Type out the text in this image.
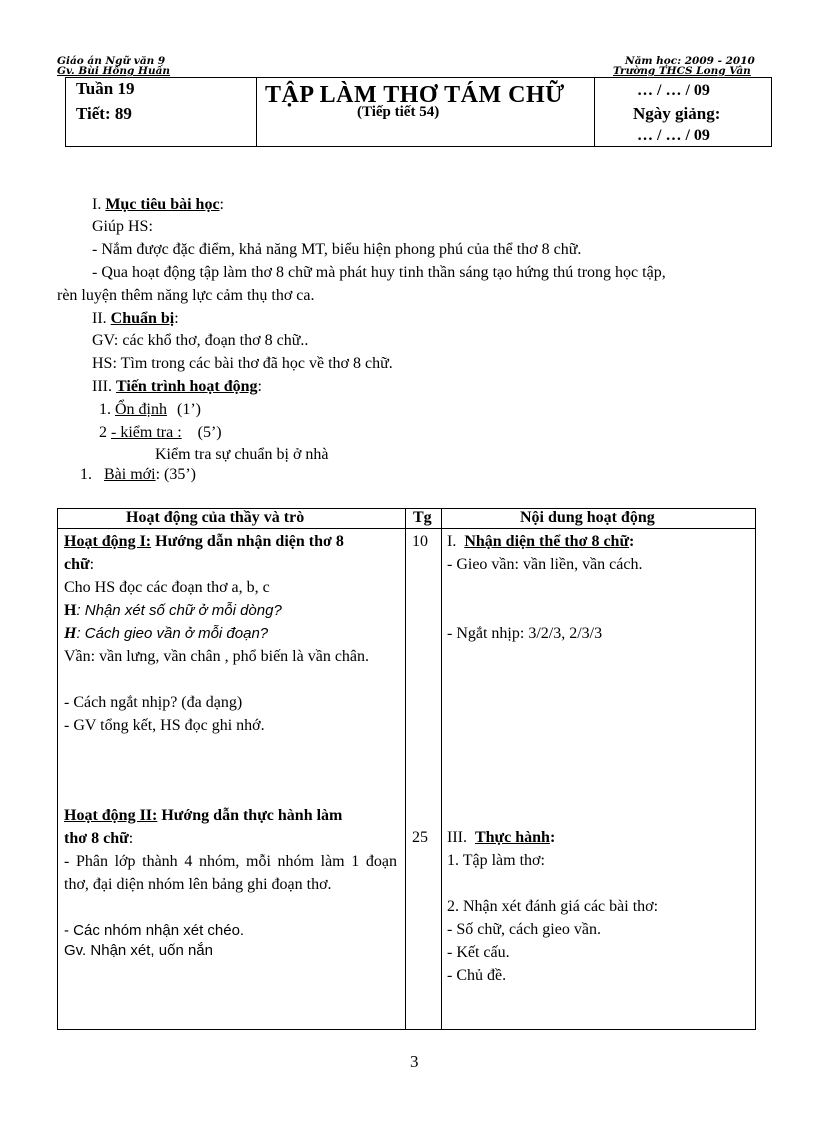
Giáo án Ngữ văn 9
Gv. Bùi Hồng Huấn
Năm học: 2009 - 2010
Trường THCS Long Vân
Tuần 19
Tiết: 89
TẬP LÀM THƠ TÁM CHỮ
(Tiếp tiết 54)
… / … / 09
Ngày giảng:
… / … / 09
I. Mục tiêu bài học:
Giúp HS:
- Nắm được đặc điểm, khả năng MT, biểu hiện phong phú của thể thơ 8 chữ.
- Qua hoạt động tập làm thơ 8 chữ mà phát huy tinh thần sáng tạo hứng thú trong học tập,
rèn luyện thêm năng lực cảm thụ thơ ca.
II. Chuẩn bị:
GV: các khổ thơ, đoạn thơ 8 chữ..
HS: Tìm trong các bài thơ đã học về thơ 8 chữ.
III. Tiến trình hoạt động:
1. Ổn định (1’)
2 - kiểm tra : (5’)
Kiểm tra sự chuẩn bị ở nhà
1. Bài mới: (35’)
Hoạt động của thầy và trò	Tg	Nội dung hoạt động
Hoạt động I: Hướng dẫn nhận diện thơ 8
chữ:
Cho HS đọc các đoạn thơ a, b, c
H: Nhận xét số chữ ở mỗi dòng?
H: Cách gieo vần ở mỗi đoạn?
Vần: vần lưng, vần chân , phổ biến là vần chân.
- Cách ngắt nhịp? (đa dạng)
- GV tổng kết, HS đọc ghi nhớ.
10 I. Nhận diện thể thơ 8 chữ:
- Gieo vần: vần liền, vần cách.
- Ngắt nhịp: 3/2/3, 2/3/3
Hoạt động II: Hướng dẫn thực hành làm
thơ 8 chữ:
- Phân lớp thành 4 nhóm, mỗi nhóm làm 1 đoạn thơ, đại diện nhóm lên bảng ghi đoạn thơ.
- Các nhóm nhận xét chéo.
Gv. Nhận xét, uốn nắn
25 III. Thực hành:
1. Tập làm thơ:
2. Nhận xét đánh giá các bài thơ:
- Số chữ, cách gieo vần.
- Kết cấu.
- Chủ đề.
3
